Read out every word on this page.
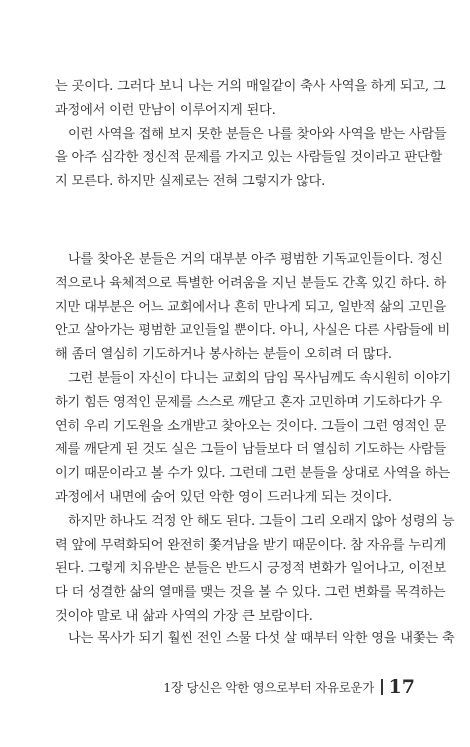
는 곳이다. 그러다 보니 나는 거의 매일같이 축사 사역을 하게 되고, 그
과정에서 이런 만남이 이루어지게 된다.
이런 사역을 접해 보지 못한 분들은 나를 찾아와 사역을 받는 사람들
을 아주 심각한 정신적 문제를 가지고 있는 사람들일 것이라고 판단할
지 모른다. 하지만 실제로는 전혀 그렇지가 않다.
나를 찾아온 분들은 거의 대부분 아주 평범한 기독교인들이다. 정신
적으로나 육체적으로 특별한 어려움을 지닌 분들도 간혹 있긴 하다. 하
지만 대부분은 어느 교회에서나 흔히 만나게 되고, 일반적 삶의 고민을
안고 살아가는 평범한 교인들일 뿐이다. 아니, 사실은 다른 사람들에 비
해 좀더 열심히 기도하거나 봉사하는 분들이 오히려 더 많다.
그런 분들이 자신이 다니는 교회의 담임 목사님께도 속시원히 이야기
하기 힘든 영적인 문제를 스스로 깨닫고 혼자 고민하며 기도하다가 우
연히 우리 기도원을 소개받고 찾아오는 것이다. 그들이 그런 영적인 문
제를 깨닫게 된 것도 실은 그들이 남들보다 더 열심히 기도하는 사람들
이기 때문이라고 볼 수가 있다. 그런데 그런 분들을 상대로 사역을 하는
과정에서 내면에 숨어 있던 악한 영이 드러나게 되는 것이다.
하지만 하나도 걱정 안 해도 된다. 그들이 그리 오래지 않아 성령의 능
력 앞에 무력화되어 완전히 쫓겨남을 받기 때문이다. 참 자유를 누리게
된다. 그렇게 치유받은 분들은 반드시 긍정적 변화가 일어나고, 이전보
다 더 성결한 삶의 열매를 맺는 것을 볼 수 있다. 그런 변화를 목격하는
것이야 말로 내 삶과 사역의 가장 큰 보람이다.
나는 목사가 되기 훨씬 전인 스물 다섯 살 때부터 악한 영을 내쫓는 축
1장 당신은 악한 영으로부터 자유로운가 17
